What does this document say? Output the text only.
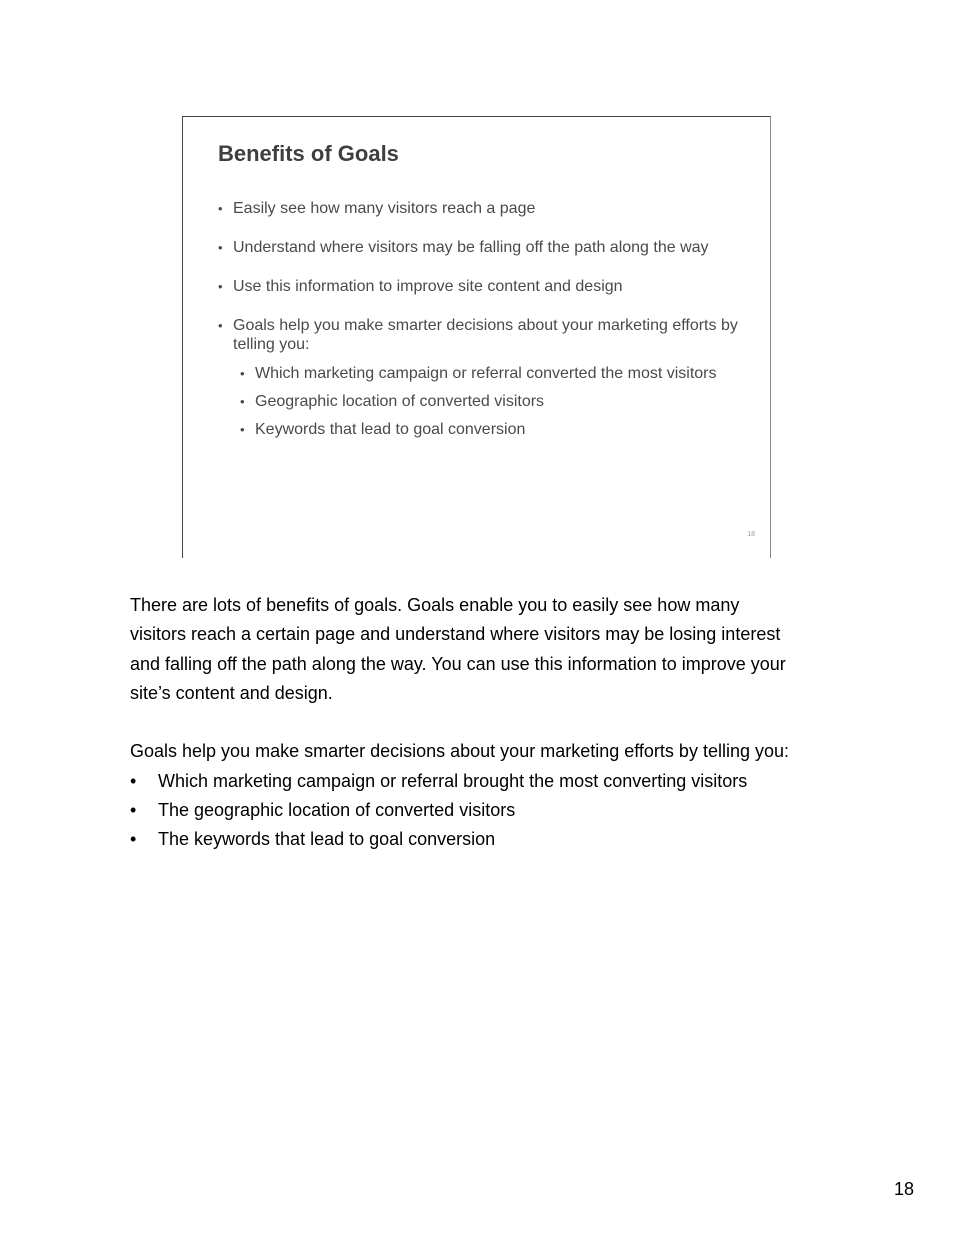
Benefits of Goals
• Easily see how many visitors reach a page
• Understand where visitors may be falling off the path along the way
• Use this information to improve site content and design
• Goals help you make smarter decisions about your marketing efforts by telling you:
• Which marketing campaign or referral converted the most visitors
• Geographic location of converted visitors
• Keywords that lead to goal conversion
18

There are lots of benefits of goals. Goals enable you to easily see how many visitors reach a certain page and understand where visitors may be losing interest and falling off the path along the way. You can use this information to improve your site’s content and design.

Goals help you make smarter decisions about your marketing efforts by telling you:

• Which marketing campaign or referral brought the most converting visitors
• The geographic location of converted visitors
• The keywords that lead to goal conversion
18
